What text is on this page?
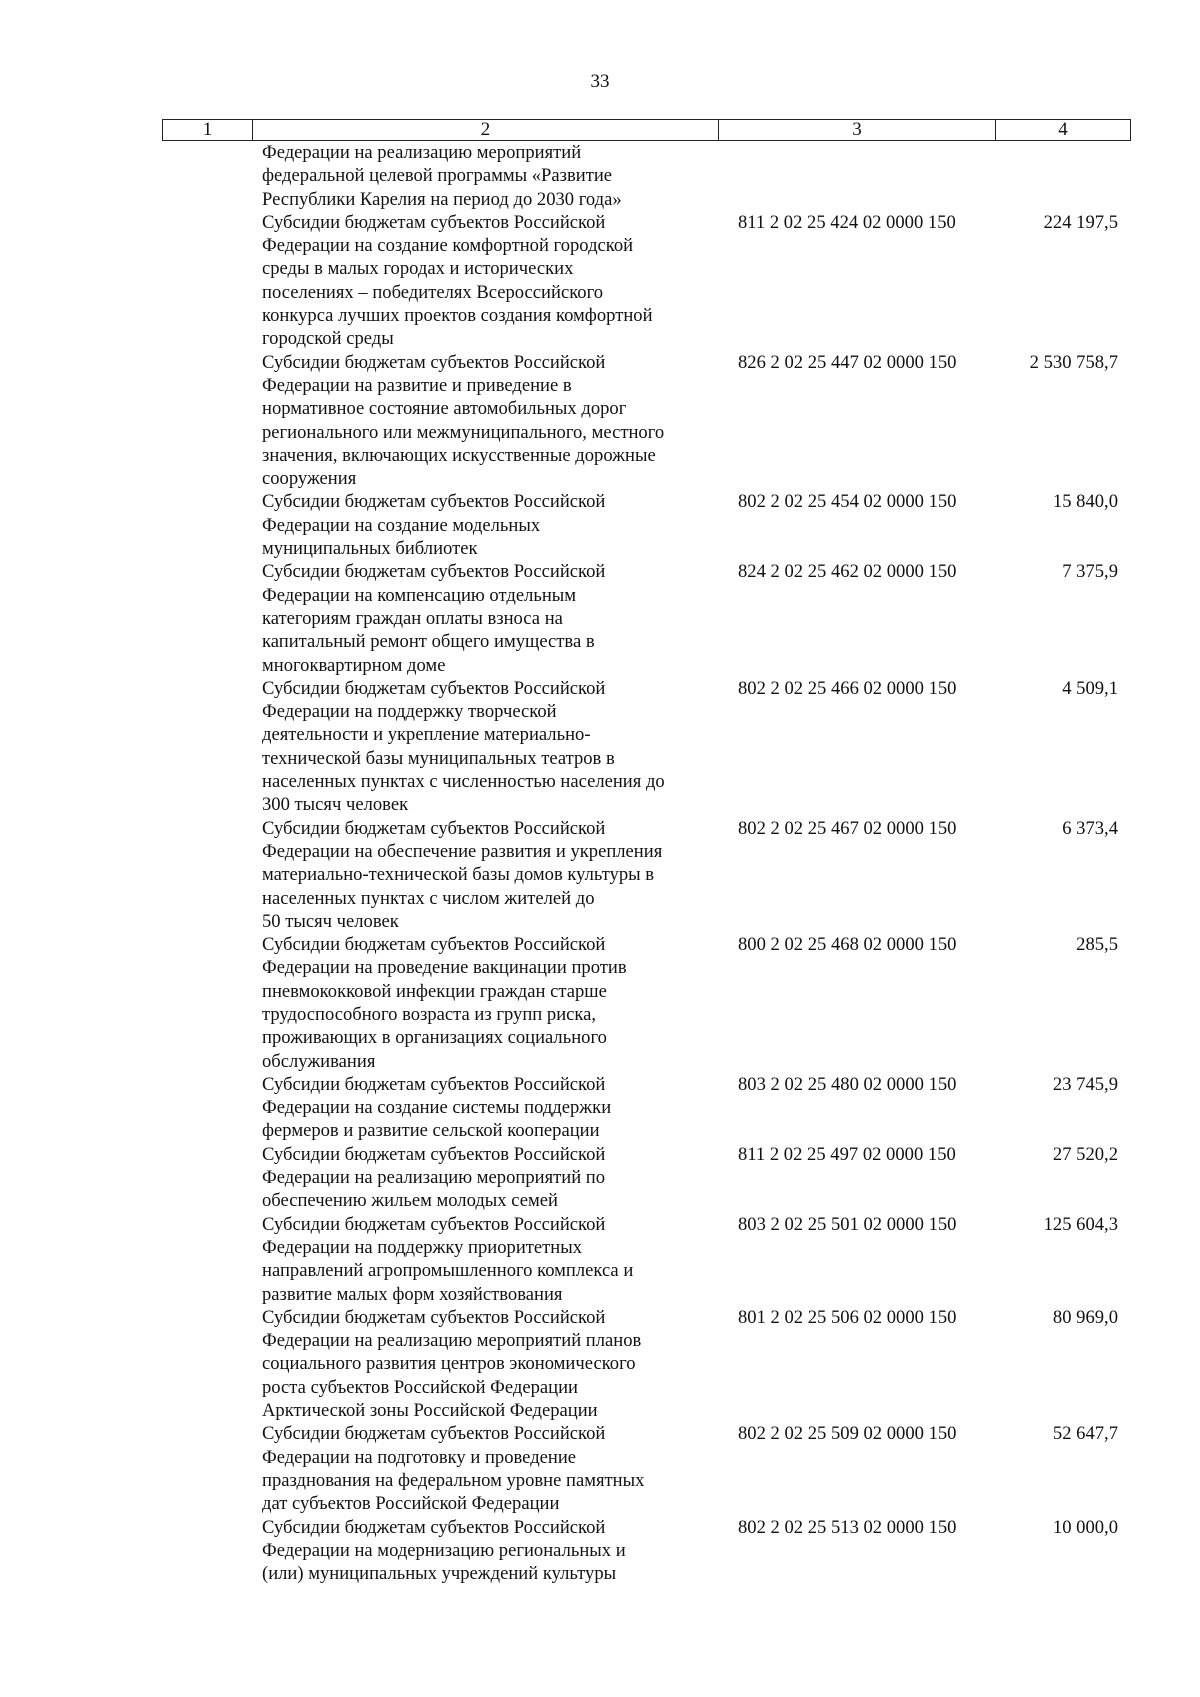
33
1	2	3	4
Федерации на реализацию мероприятий
федеральной целевой программы «Развитие
Республики Карелия на период до 2030 года»
Субсидии бюджетам субъектов Российской
Федерации на создание комфортной городской
среды в малых городах и исторических
поселениях – победителях Всероссийского
конкурса лучших проектов создания комфортной
городской среды
811 2 02 25 424 02 0000 150	224 197,5
Субсидии бюджетам субъектов Российской
Федерации на развитие и приведение в
нормативное состояние автомобильных дорог
регионального или межмуниципального, местного
значения, включающих искусственные дорожные
сооружения
826 2 02 25 447 02 0000 150	2 530 758,7
Субсидии бюджетам субъектов Российской
Федерации на создание модельных
муниципальных библиотек
802 2 02 25 454 02 0000 150	15 840,0
Субсидии бюджетам субъектов Российской
Федерации на компенсацию отдельным
категориям граждан оплаты взноса на
капитальный ремонт общего имущества в
многоквартирном доме
824 2 02 25 462 02 0000 150	7 375,9
Субсидии бюджетам субъектов Российской
Федерации на поддержку творческой
деятельности и укрепление материально-
технической базы муниципальных театров в
населенных пунктах с численностью населения до
300 тысяч человек
802 2 02 25 466 02 0000 150	4 509,1
Субсидии бюджетам субъектов Российской
Федерации на обеспечение развития и укрепления
материально-технической базы домов культуры в
населенных пунктах с числом жителей до
50 тысяч человек
802 2 02 25 467 02 0000 150	6 373,4
Субсидии бюджетам субъектов Российской
Федерации на проведение вакцинации против
пневмококковой инфекции граждан старше
трудоспособного возраста из групп риска,
проживающих в организациях социального
обслуживания
800 2 02 25 468 02 0000 150	285,5
Субсидии бюджетам субъектов Российской
Федерации на создание системы поддержки
фермеров и развитие сельской кооперации
803 2 02 25 480 02 0000 150	23 745,9
Субсидии бюджетам субъектов Российской
Федерации на реализацию мероприятий по
обеспечению жильем молодых семей
811 2 02 25 497 02 0000 150	27 520,2
Субсидии бюджетам субъектов Российской
Федерации на поддержку приоритетных
направлений агропромышленного комплекса и
развитие малых форм хозяйствования
803 2 02 25 501 02 0000 150	125 604,3
Субсидии бюджетам субъектов Российской
Федерации на реализацию мероприятий планов
социального развития центров экономического
роста субъектов Российской Федерации
Арктической зоны Российской Федерации
801 2 02 25 506 02 0000 150	80 969,0
Субсидии бюджетам субъектов Российской
Федерации на подготовку и проведение
празднования на федеральном уровне памятных
дат субъектов Российской Федерации
802 2 02 25 509 02 0000 150	52 647,7
Субсидии бюджетам субъектов Российской
Федерации на модернизацию региональных и
(или) муниципальных учреждений культуры
802 2 02 25 513 02 0000 150	10 000,0
